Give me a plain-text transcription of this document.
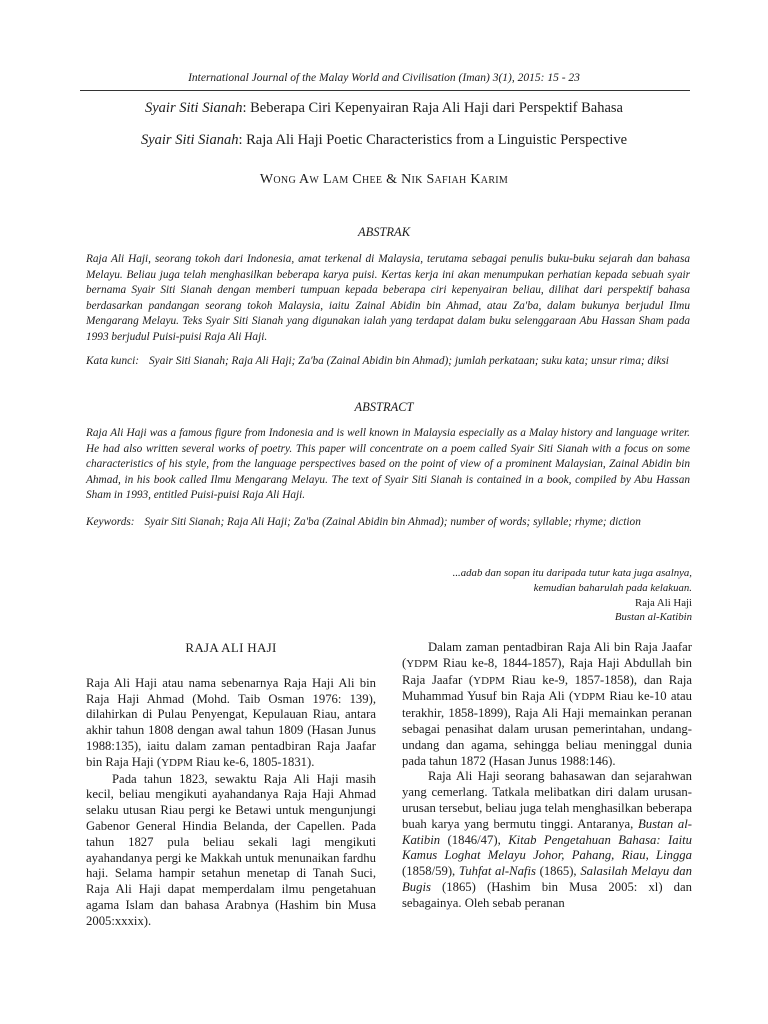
International Journal of the Malay World and Civilisation (Iman) 3(1), 2015: 15 - 23
Syair Siti Sianah: Beberapa Ciri Kepenyairan Raja Ali Haji dari Perspektif Bahasa
Syair Siti Sianah: Raja Ali Haji Poetic Characteristics from a Linguistic Perspective
Wong Aw Lam Chee & Nik Safiah Karim
ABSTRAK
Raja Ali Haji, seorang tokoh dari Indonesia, amat terkenal di Malaysia, terutama sebagai penulis buku-buku sejarah dan bahasa Melayu. Beliau juga telah menghasilkan beberapa karya puisi. Kertas kerja ini akan menumpukan perhatian kepada sebuah syair bernama Syair Siti Sianah dengan memberi tumpuan kepada beberapa ciri kepenyairan beliau, dilihat dari perspektif bahasa berdasarkan pandangan seorang tokoh Malaysia, iaitu Zainal Abidin bin Ahmad, atau Za'ba, dalam bukunya berjudul Ilmu Mengarang Melayu. Teks Syair Siti Sianah yang digunakan ialah yang terdapat dalam buku selenggaraan Abu Hassan Sham pada 1993 berjudul Puisi-puisi Raja Ali Haji.
Kata kunci: Syair Siti Sianah; Raja Ali Haji; Za'ba (Zainal Abidin bin Ahmad); jumlah perkataan; suku kata; unsur rima; diksi
ABSTRACT
Raja Ali Haji was a famous figure from Indonesia and is well known in Malaysia especially as a Malay history and language writer. He had also written several works of poetry. This paper will concentrate on a poem called Syair Siti Sianah with a focus on some characteristics of his style, from the language perspectives based on the point of view of a prominent Malaysian, Zainal Abidin bin Ahmad, in his book called Ilmu Mengarang Melayu. The text of Syair Siti Sianah is contained in a book, compiled by Abu Hassan Sham in 1993, entitled Puisi-puisi Raja Ali Haji.
Keywords: Syair Siti Sianah; Raja Ali Haji; Za'ba (Zainal Abidin bin Ahmad); number of words; syllable; rhyme; diction
...adab dan sopan itu daripada tutur kata juga asalnya,
kemudian baharulah pada kelakuan.
Raja Ali Haji
Bustan al-Katibin
RAJA ALI HAJI

Raja Ali Haji atau nama sebenarnya Raja Haji Ali bin Raja Haji Ahmad (Mohd. Taib Osman 1976: 139), dilahirkan di Pulau Penyengat, Kepulauan Riau, antara akhir tahun 1808 dengan awal tahun 1809 (Hasan Junus 1988:135), iaitu dalam zaman pentadbiran Raja Jaafar bin Raja Haji (YDPM Riau ke-6, 1805-1831).

Pada tahun 1823, sewaktu Raja Ali Haji masih kecil, beliau mengikuti ayahandanya Raja Haji Ahmad selaku utusan Riau pergi ke Betawi untuk mengunjungi Gabenor General Hindia Belanda, der Capellen. Pada tahun 1827 pula beliau sekali lagi mengikuti ayahandanya pergi ke Makkah untuk menunaikan fardhu haji. Selama hampir setahun menetap di Tanah Suci, Raja Ali Haji dapat memperdalam ilmu pengetahuan agama Islam dan bahasa Arabnya (Hashim bin Musa 2005:xxxix).

Dalam zaman pentadbiran Raja Ali bin Raja Jaafar (YDPM Riau ke-8, 1844-1857), Raja Haji Abdullah bin Raja Jaafar (YDPM Riau ke-9, 1857-1858), dan Raja Muhammad Yusuf bin Raja Ali (YDPM Riau ke-10 atau terakhir, 1858-1899), Raja Ali Haji memainkan peranan sebagai penasihat dalam urusan pemerintahan, undang-undang dan agama, sehingga beliau meninggal dunia pada tahun 1872 (Hasan Junus 1988:146).

Raja Ali Haji seorang bahasawan dan sejarahwan yang cemerlang. Tatkala melibatkan diri dalam urusan-urusan tersebut, beliau juga telah menghasilkan beberapa buah karya yang bermutu tinggi. Antaranya, Bustan al-Katibin (1846/47), Kitab Pengetahuan Bahasa: Iaitu Kamus Loghat Melayu Johor, Pahang, Riau, Lingga (1858/59), Tuhfat al-Nafis (1865), Salasilah Melayu dan Bugis (1865) (Hashim bin Musa 2005: xl) dan sebagainya. Oleh sebab peranan
